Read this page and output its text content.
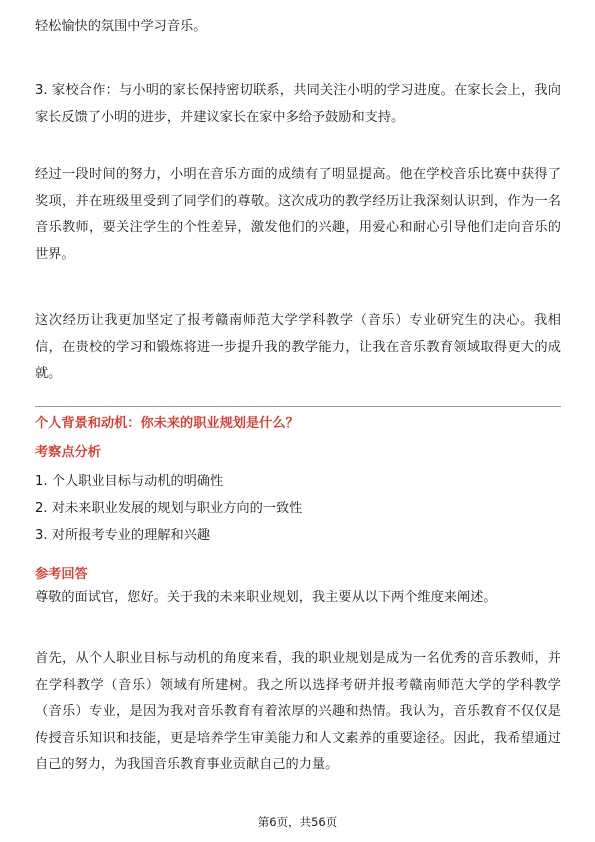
轻松愉快的氛围中学习音乐。

3. 家校合作：与小明的家长保持密切联系，共同关注小明的学习进度。在家长会上，我向家长反馈了小明的进步，并建议家长在家中多给予鼓励和支持。

经过一段时间的努力，小明在音乐方面的成绩有了明显提高。他在学校音乐比赛中获得了奖项，并在班级里受到了同学们的尊敬。这次成功的教学经历让我深刻认识到，作为一名音乐教师，要关注学生的个性差异，激发他们的兴趣，用爱心和耐心引导他们走向音乐的世界。

这次经历让我更加坚定了报考赣南师范大学学科教学（音乐）专业研究生的决心。我相信，在贵校的学习和锻炼将进一步提升我的教学能力，让我在音乐教育领域取得更大的成就。

个人背景和动机：你未来的职业规划是什么？

考察点分析

1. 个人职业目标与动机的明确性
2. 对未来职业发展的规划与职业方向的一致性
3. 对所报考专业的理解和兴趣

参考回答

尊敬的面试官，您好。关于我的未来职业规划，我主要从以下两个维度来阐述。

首先，从个人职业目标与动机的角度来看，我的职业规划是成为一名优秀的音乐教师，并在学科教学（音乐）领域有所建树。我之所以选择考研并报考赣南师范大学的学科教学（音乐）专业，是因为我对音乐教育有着浓厚的兴趣和热情。我认为，音乐教育不仅仅是传授音乐知识和技能，更是培养学生审美能力和人文素养的重要途径。因此，我希望通过自己的努力，为我国音乐教育事业贡献自己的力量。

第6页，共56页
